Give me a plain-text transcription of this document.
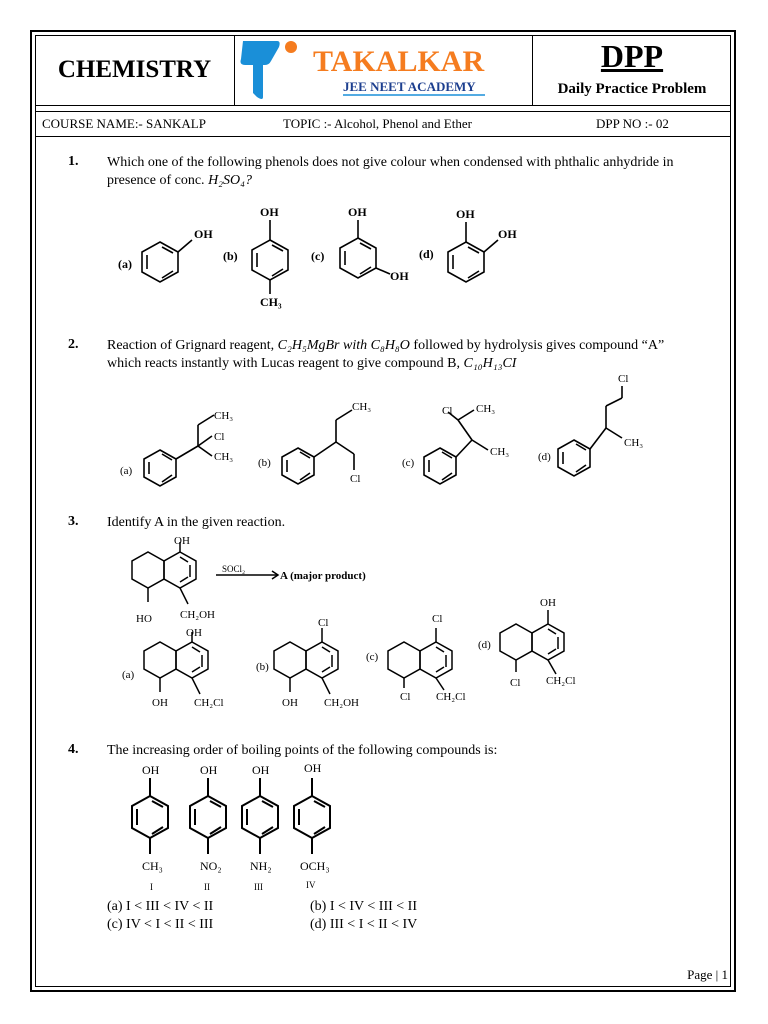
CHEMISTRY	TAKALKAR
JEE NEET ACADEMY
DPP
Daily Practice Problem
COURSE NAME:- SANKALP	TOPIC :- Alcohol, Phenol and Ether	DPP NO :- 02
1. Which one of the following phenols does not give colour when condensed with phthalic anhydride in
presence of conc. H₂SO₄?
(a)
OH
(b)
OH
CH₃
(c)
OH
OH
(d)
OH
OH
2. Reaction of Grignard reagent, C₂H₅MgBr with C₈H₈O followed by hydrolysis gives compound “A”
which reacts instantly with Lucas reagent to give compound B, C₁₀H₁₃CI
(a)
CH₃
Cl
CH₃ (b)
CH₃
Cl
(c)
Cl CH₃
CH₃	(d)
Cl
CH₃
3. Identify A in the given reaction.
OH
HO	CH₂OH
SOCl₂
A (major product)
(a)
OH
OH CH₂Cl
(b)
Cl
OH CH₂OH
(c)
Cl
Cl CH₂Cl
(d)
OH
Cl CH₂Cl
4. The increasing order of boiling points of the following compounds is:
OH	OH	OH	OH
CH₃	NO₂ NH₂ OCH₃
I	II	III	IV
(a) I < III < IV < II	(b) I < IV < III < II
(c) IV < I < II < III	(d) III < I < II < IV
Page | 1
